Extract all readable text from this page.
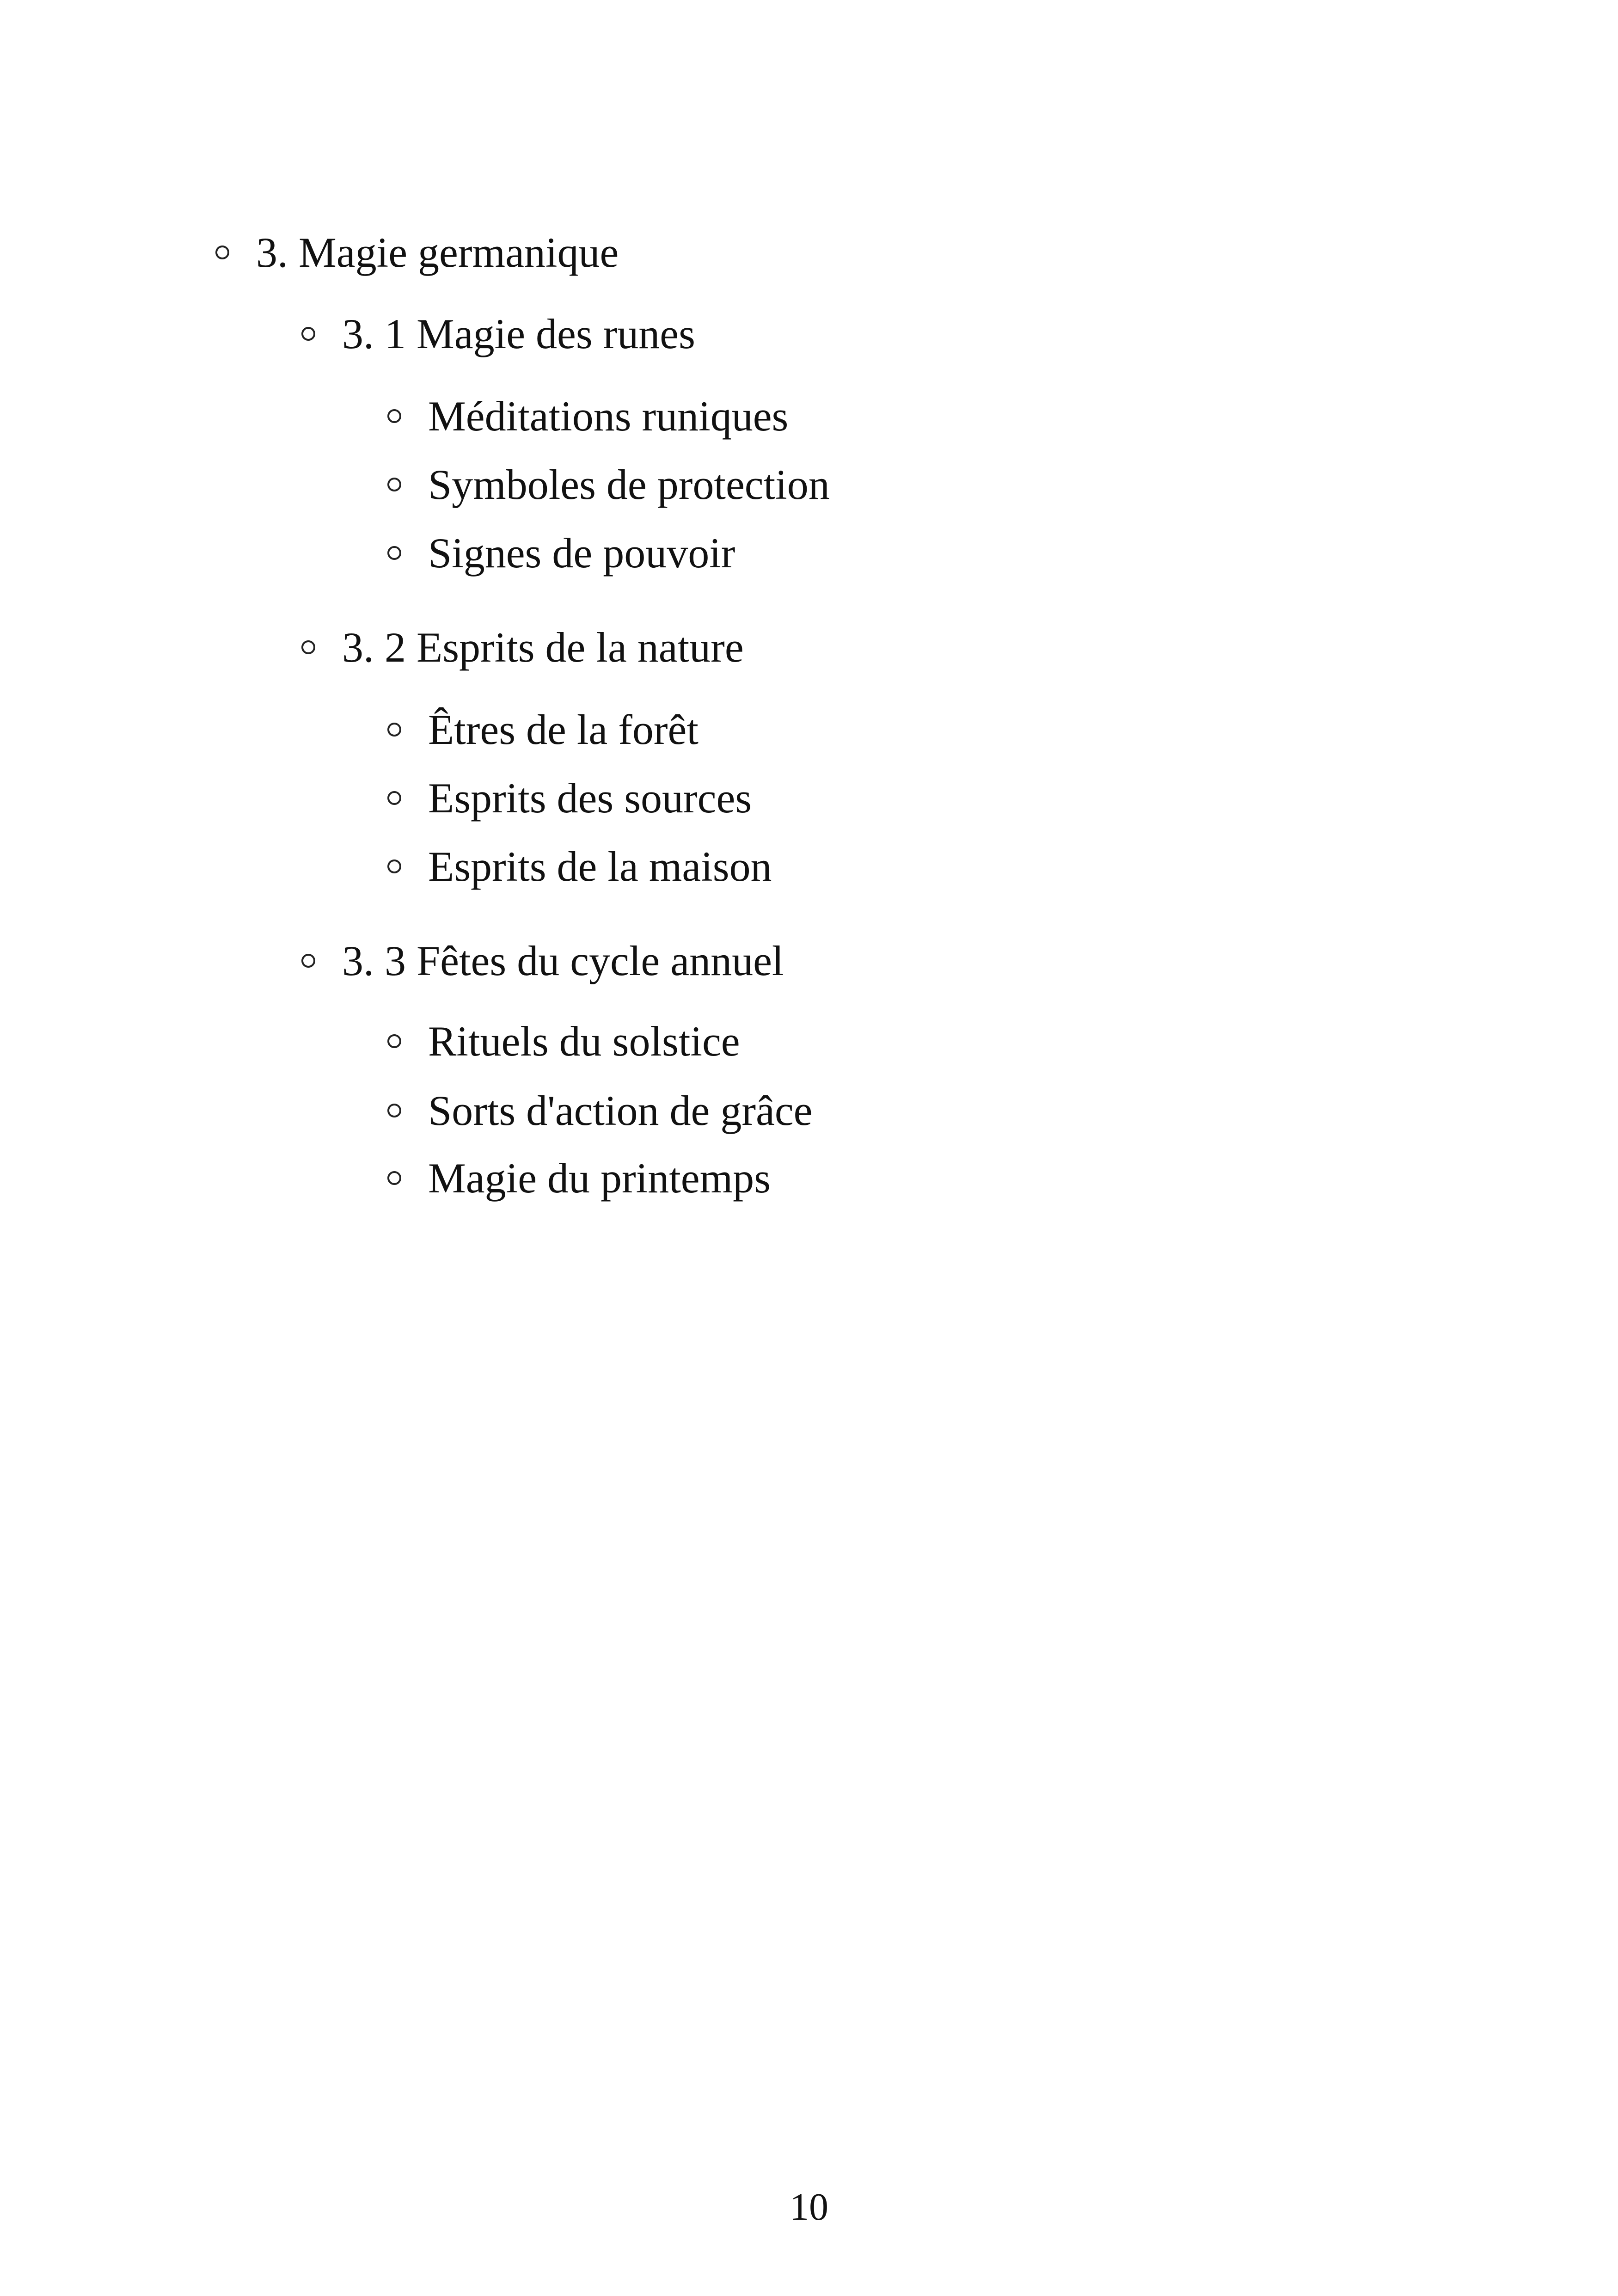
3. Magie germanique
3. 1 Magie des runes
Méditations runiques
Symboles de protection
Signes de pouvoir
3. 2 Esprits de la nature
Êtres de la forêt
Esprits des sources
Esprits de la maison
3. 3 Fêtes du cycle annuel
Rituels du solstice
Sorts d'action de grâce
Magie du printemps
10
